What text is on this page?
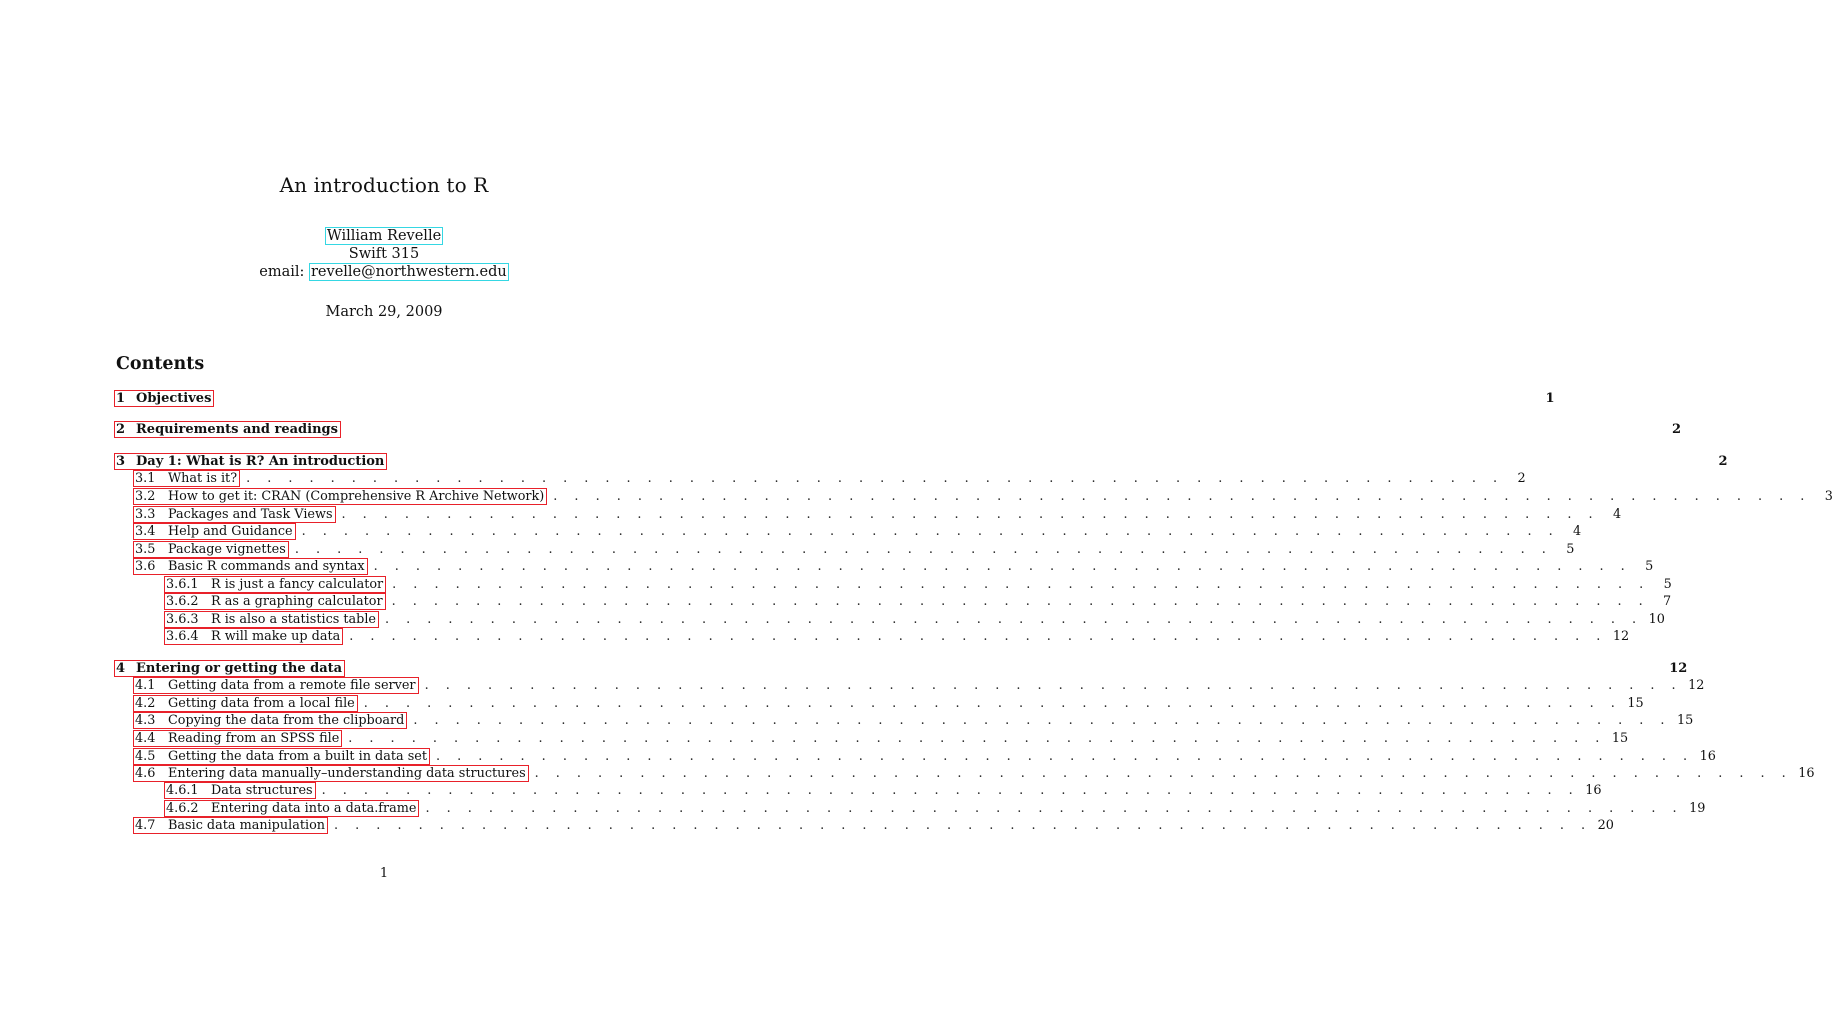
An introduction to R
William Revelle
Swift 315
email: revelle@northwestern.edu
March 29, 2009
Contents
1 Objectives	1
2 Requirements and readings	2
3 Day 1: What is R? An introduction	2
3.1 What is it? . . . . . . . . . . . . . . . . . . . . . . . . . . . . . . . . . . . . . . . . . . . . . . . . . . . . . . . . . . . .	2
3.2 How to get it: CRAN (Comprehensive R Archive Network) . . . . . . . . . . . . . . . . . . . . . . . . . . . . . . . . . . . . . . . . . . . . . . . . . . . . . . . . . . . .	3
3.3 Packages and Task Views . . . . . . . . . . . . . . . . . . . . . . . . . . . . . . . . . . . . . . . . . . . . . . . . . . . . . . . . . . . .	4
3.4 Help and Guidance . . . . . . . . . . . . . . . . . . . . . . . . . . . . . . . . . . . . . . . . . . . . . . . . . . . . . . . . . . . .	4
3.5 Package vignettes . . . . . . . . . . . . . . . . . . . . . . . . . . . . . . . . . . . . . . . . . . . . . . . . . . . . . . . . . . . .	5
3.6 Basic R commands and syntax . . . . . . . . . . . . . . . . . . . . . . . . . . . . . . . . . . . . . . . . . . . . . . . . . . . . . . . . . . . .	5
3.6.1 R is just a fancy calculator . . . . . . . . . . . . . . . . . . . . . . . . . . . . . . . . . . . . . . . . . . . . . . . . . . . . . . . . . . . .	5
3.6.2 R as a graphing calculator . . . . . . . . . . . . . . . . . . . . . . . . . . . . . . . . . . . . . . . . . . . . . . . . . . . . . . . . . . . .	7
3.6.3 R is also a statistics table . . . . . . . . . . . . . . . . . . . . . . . . . . . . . . . . . . . . . . . . . . . . . . . . . . . . . . . . . . . . 10
3.6.4 R will make up data . . . . . . . . . . . . . . . . . . . . . . . . . . . . . . . . . . . . . . . . . . . . . . . . . . . . . . . . . . . . 12
4 Entering or getting the data	12
4.1 Getting data from a remote file server . . . . . . . . . . . . . . . . . . . . . . . . . . . . . . . . . . . . . . . . . . . . . . . . . . . . . . . . . . . . 12
4.2 Getting data from a local file . . . . . . . . . . . . . . . . . . . . . . . . . . . . . . . . . . . . . . . . . . . . . . . . . . . . . . . . . . . . 15
4.3 Copying the data from the clipboard . . . . . . . . . . . . . . . . . . . . . . . . . . . . . . . . . . . . . . . . . . . . . . . . . . . . . . . . . . . . 15
4.4 Reading from an SPSS file . . . . . . . . . . . . . . . . . . . . . . . . . . . . . . . . . . . . . . . . . . . . . . . . . . . . . . . . . . . . 15
4.5 Getting the data from a built in data set . . . . . . . . . . . . . . . . . . . . . . . . . . . . . . . . . . . . . . . . . . . . . . . . . . . . . . . . . . . . 16
4.6 Entering data manually–understanding data structures . . . . . . . . . . . . . . . . . . . . . . . . . . . . . . . . . . . . . . . . . . . . . . . . . . . . . . . . . . . . 16
4.6.1 Data structures . . . . . . . . . . . . . . . . . . . . . . . . . . . . . . . . . . . . . . . . . . . . . . . . . . . . . . . . . . . . 16
4.6.2 Entering data into a data.frame . . . . . . . . . . . . . . . . . . . . . . . . . . . . . . . . . . . . . . . . . . . . . . . . . . . . . . . . . . . . 19
4.7 Basic data manipulation . . . . . . . . . . . . . . . . . . . . . . . . . . . . . . . . . . . . . . . . . . . . . . . . . . . . . . . . . . . . 20
1
